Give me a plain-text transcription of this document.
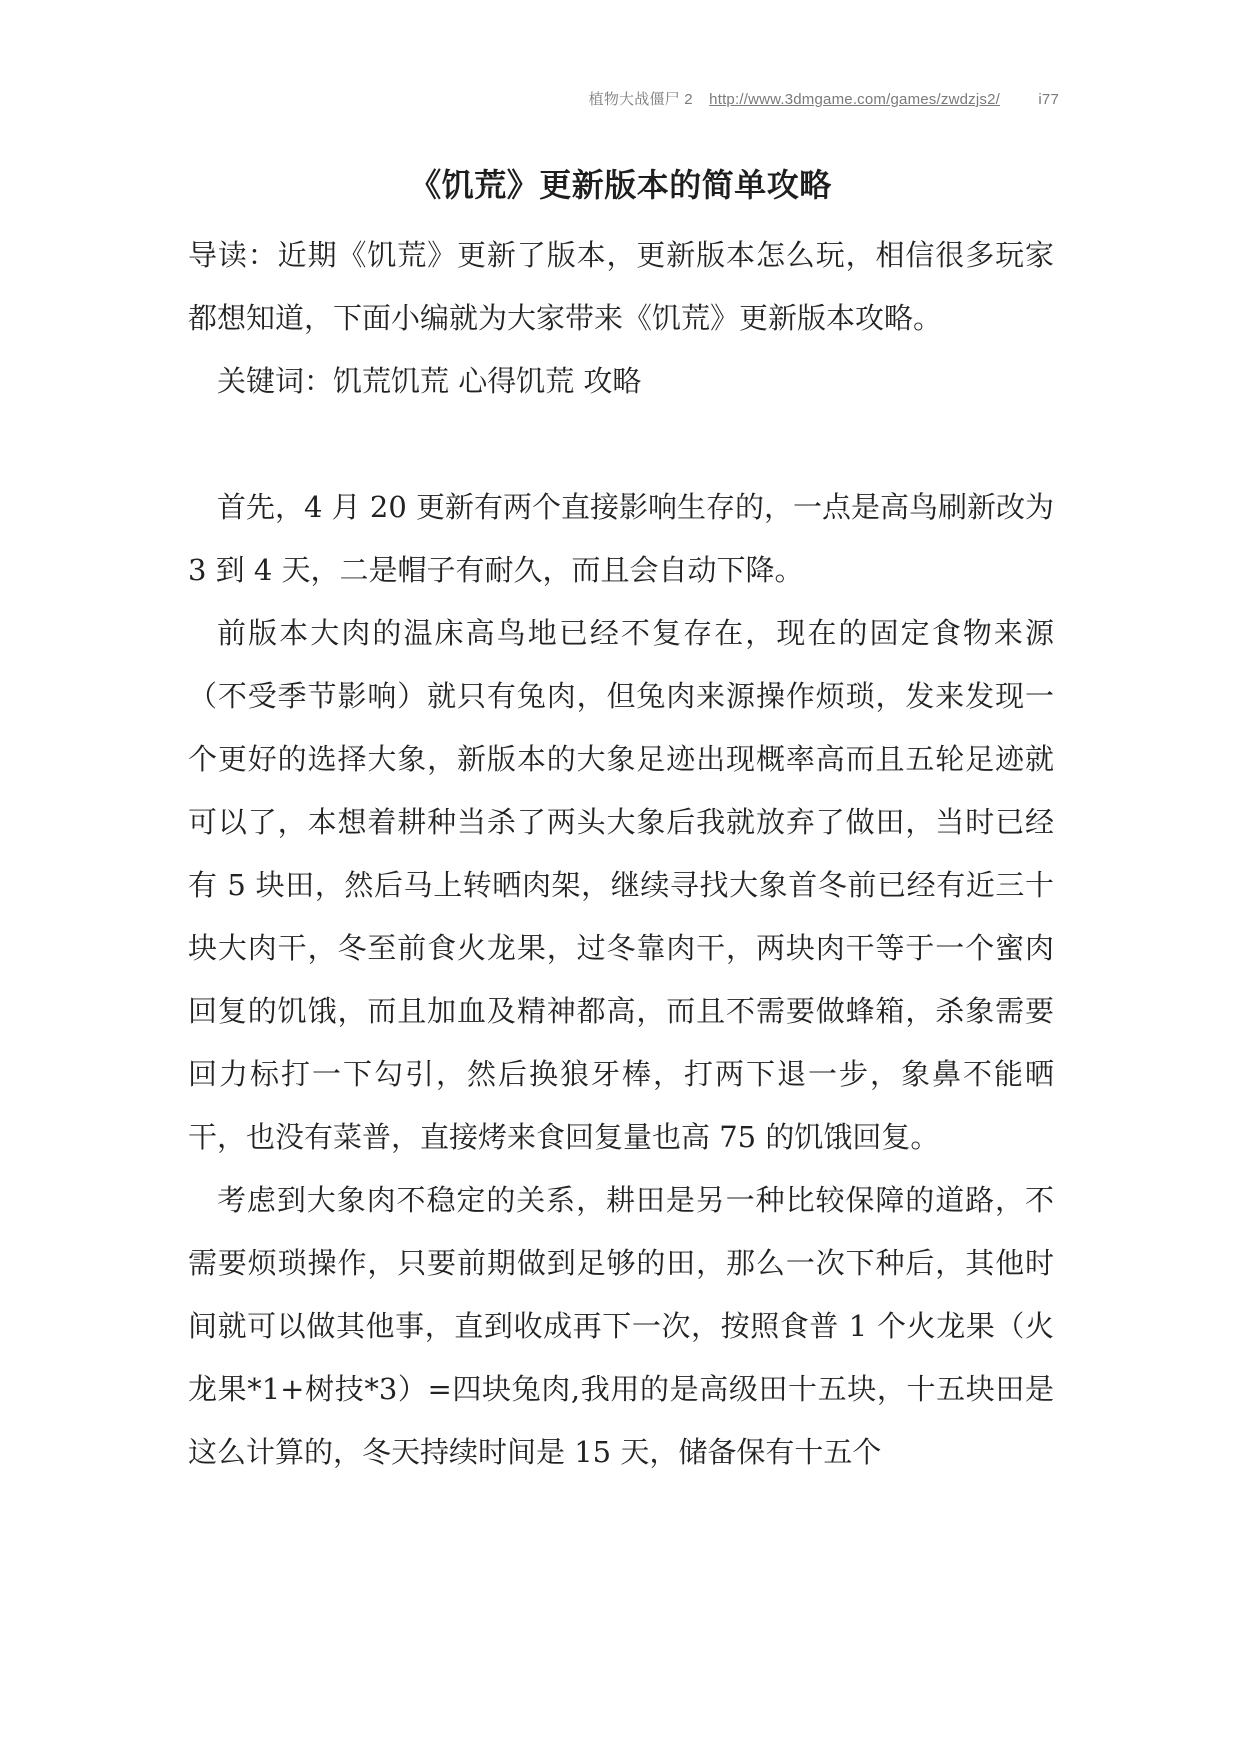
植物大战僵尸 2 http://www.3dmgame.com/games/zwdzjs2/	i77
《饥荒》更新版本的简单攻略

导读：近期《饥荒》更新了版本，更新版本怎么玩，相信很多玩家都想知道，下面小编就为大家带来《饥荒》更新版本攻略。

关键词：饥荒饥荒 心得饥荒 攻略

首先，4 月 20 更新有两个直接影响生存的，一点是高鸟刷新改为 3 到 4 天，二是帽子有耐久，而且会自动下降。

前版本大肉的温床高鸟地已经不复存在，现在的固定食物来源（不受季节影响）就只有兔肉，但兔肉来源操作烦琐，发来发现一个更好的选择大象，新版本的大象足迹出现概率高而且五轮足迹就可以了，本想着耕种当杀了两头大象后我就放弃了做田，当时已经有 5 块田，然后马上转晒肉架，继续寻找大象首冬前已经有近三十块大肉干，冬至前食火龙果，过冬靠肉干，两块肉干等于一个蜜肉回复的饥饿，而且加血及精神都高，而且不需要做蜂箱，杀象需要回力标打一下勾引，然后换狼牙棒，打两下退一步，象鼻不能晒干，也没有菜普，直接烤来食回复量也高 75 的饥饿回复。

考虑到大象肉不稳定的关系，耕田是另一种比较保障的道路，不需要烦琐操作，只要前期做到足够的田，那么一次下种后，其他时间就可以做其他事，直到收成再下一次，按照食普 1 个火龙果（火龙果*1+树技*3）=四块兔肉,我用的是高级田十五块，十五块田是这么计算的，冬天持续时间是 15 天，储备保有十五个
